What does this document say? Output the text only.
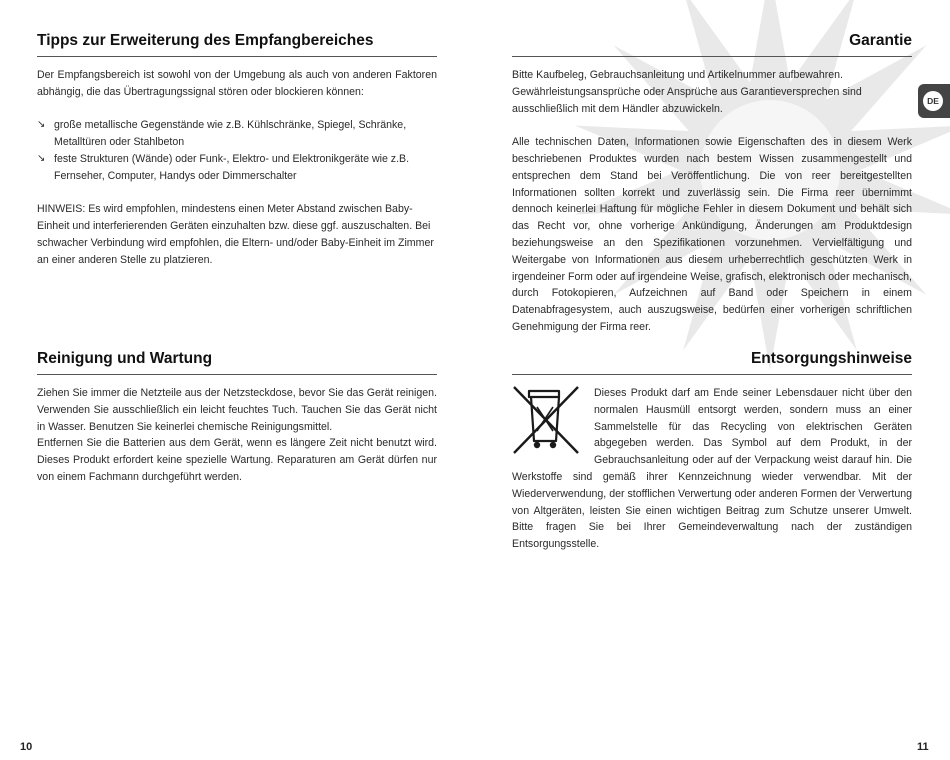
Tipps zur Erweiterung des Empfangbereiches

Der Empfangsbereich ist sowohl von der Umgebung als auch von anderen Faktoren abhängig, die das Übertragungssignal stören oder blockieren können:

↘ große metallische Gegenstände wie z.B. Kühlschränke, Spiegel, Schränke, Metalltüren oder Stahlbeton
↘ feste Strukturen (Wände) oder Funk-, Elektro- und Elektronikgeräte wie z.B. Fernseher, Computer, Handys oder Dimmerschalter

HINWEIS: Es wird empfohlen, mindestens einen Meter Abstand zwischen Baby-Einheit und interferierenden Geräten einzuhalten bzw. diese ggf. auszuschalten. Bei schwacher Verbindung wird empfohlen, die Eltern- und/oder Baby-Einheit im Zimmer an einer anderen Stelle zu platzieren.

Reinigung und Wartung

Ziehen Sie immer die Netzteile aus der Netzsteckdose, bevor Sie das Gerät reinigen. Verwenden Sie ausschließlich ein leicht feuchtes Tuch. Tauchen Sie das Gerät nicht in Wasser. Benutzen Sie keinerlei chemische Reinigungsmittel.

Entfernen Sie die Batterien aus dem Gerät, wenn es längere Zeit nicht benutzt wird. Dieses Produkt erfordert keine spezielle Wartung. Reparaturen am Gerät dürfen nur von einem Fachmann durchgeführt werden.

Garantie

Bitte Kaufbeleg, Gebrauchsanleitung und Artikelnummer aufbewahren. Gewährleistungsansprüche oder Ansprüche aus Garantieversprechen sind ausschließlich mit dem Händler abzuwickeln.

Alle technischen Daten, Informationen sowie Eigenschaften des in diesem Werk beschriebenen Produktes wurden nach bestem Wissen zusammengestellt und entsprechen dem Stand bei Veröffentlichung. Die von reer bereitgestellten Informationen sollten korrekt und zuverlässig sein. Die Firma reer übernimmt dennoch keinerlei Haftung für mögliche Fehler in diesem Dokument und behält sich das Recht vor, ohne vorherige Ankündigung, Änderungen am Produktdesign beziehungsweise an den Spezifikationen vorzunehmen. Vervielfältigung und Weitergabe von Informationen aus diesem urheberrechtlich geschützten Werk in irgendeiner Form oder auf irgendeine Weise, grafisch, elektronisch oder mechanisch, durch Fotokopieren, Aufzeichnen auf Band oder Speichern in einem Datenabfragesystem, auch auszugsweise, bedürfen einer vorherigen schriftlichen Genehmigung der Firma reer.

Entsorgungshinweise

Dieses Produkt darf am Ende seiner Lebensdauer nicht über den normalen Hausmüll entsorgt werden, sondern muss an einer Sammelstelle für das Recycling von elektrischen Geräten abgegeben werden. Das Symbol auf dem Produkt, in der Gebrauchsanleitung oder auf der Verpackung weist darauf hin. Die Werkstoffe sind gemäß ihrer Kennzeichnung wieder verwendbar. Mit der Wiederverwendung, der stofflichen Verwertung oder anderen Formen der Verwertung von Altgeräten, leisten Sie einen wichtigen Beitrag zum Schutze unserer Umwelt. Bitte fragen Sie bei Ihrer Gemeindeverwaltung nach der zuständigen Entsorgungsstelle.

DE
10	11
